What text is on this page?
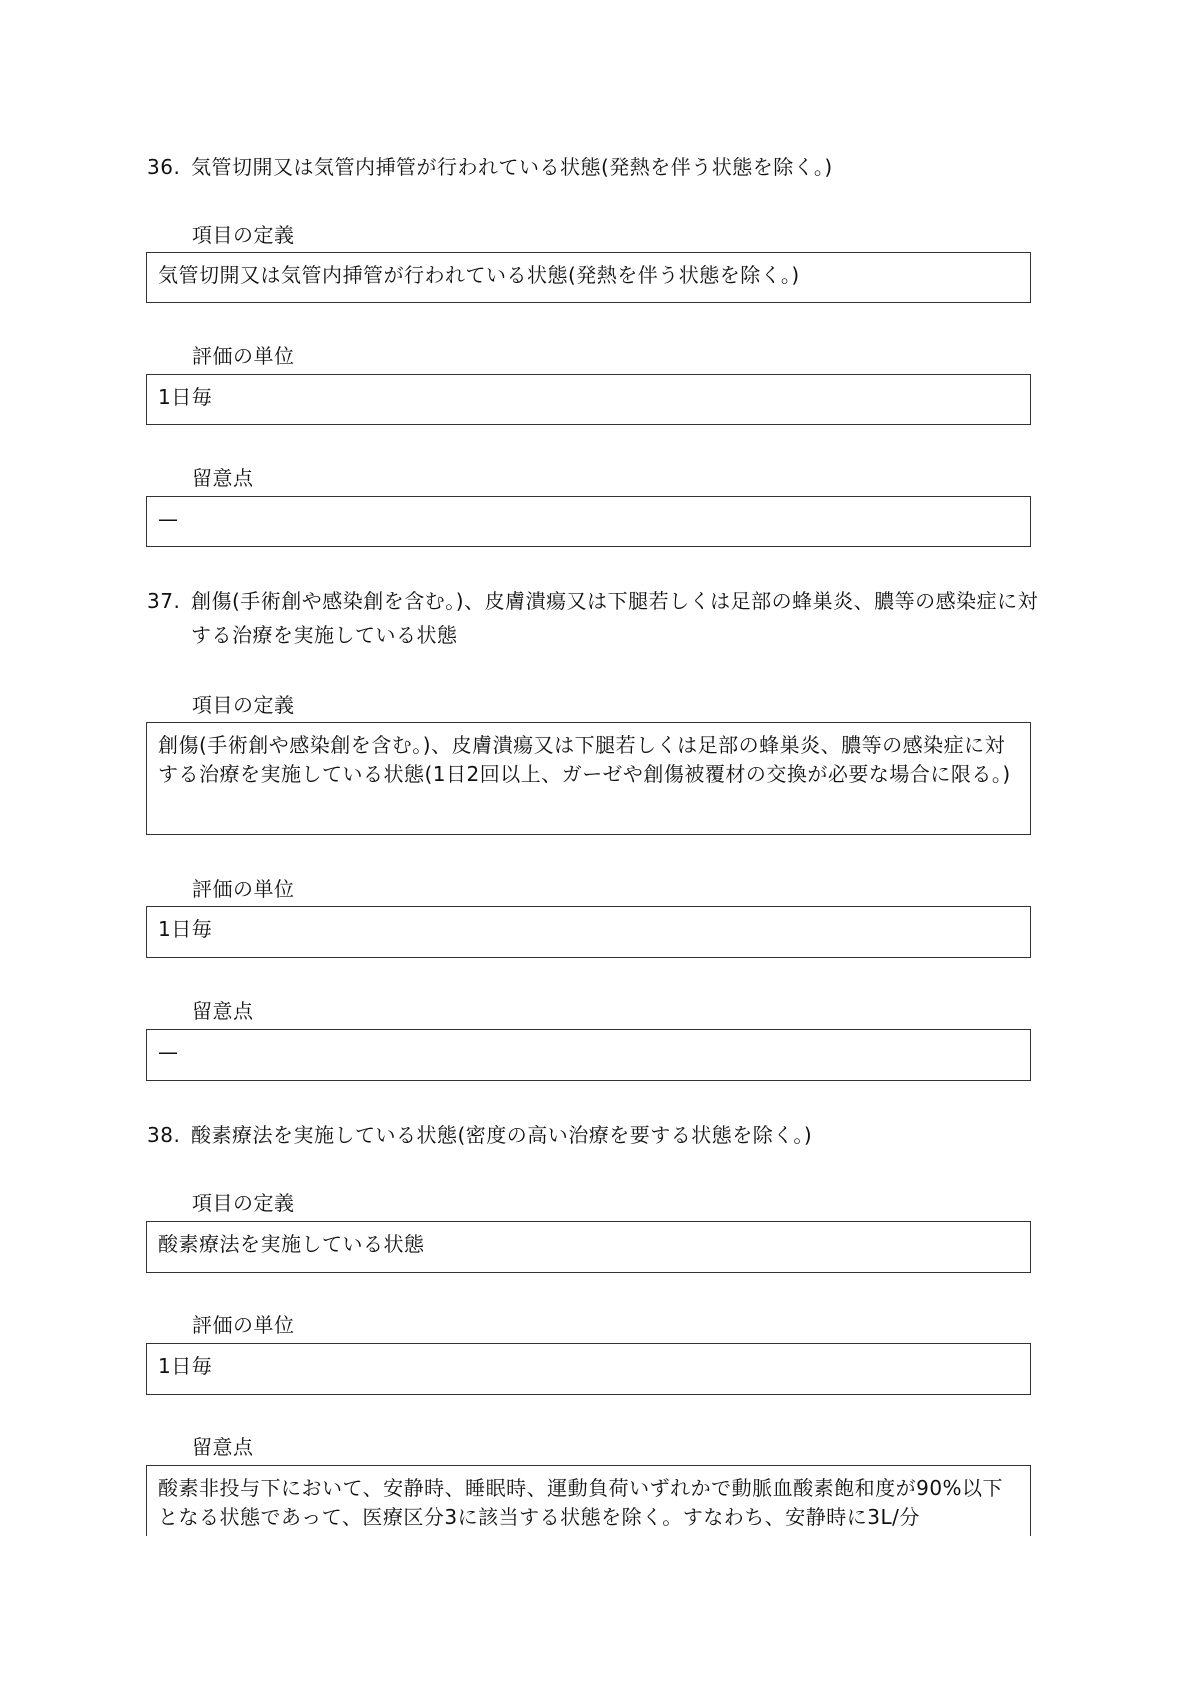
36. 気管切開又は気管内挿管が行われている状態(発熱を伴う状態を除く。)
項目の定義
気管切開又は気管内挿管が行われている状態(発熱を伴う状態を除く。)
評価の単位
1日毎
留意点
—
37. 創傷(手術創や感染創を含む。)、皮膚潰瘍又は下腿若しくは足部の蜂巣炎、膿等の感染症に対する治療を実施している状態
項目の定義
創傷(手術創や感染創を含む。)、皮膚潰瘍又は下腿若しくは足部の蜂巣炎、膿等の感染症に対する治療を実施している状態(1日2回以上、ガーゼや創傷被覆材の交換が必要な場合に限る。)
評価の単位
1日毎
留意点
—
38. 酸素療法を実施している状態(密度の高い治療を要する状態を除く。)
項目の定義
酸素療法を実施している状態
評価の単位
1日毎
留意点
酸素非投与下において、安静時、睡眠時、運動負荷いずれかで動脈血酸素飽和度が90%以下となる状態であって、医療区分3に該当する状態を除く。すなわち、安静時に3L/分
